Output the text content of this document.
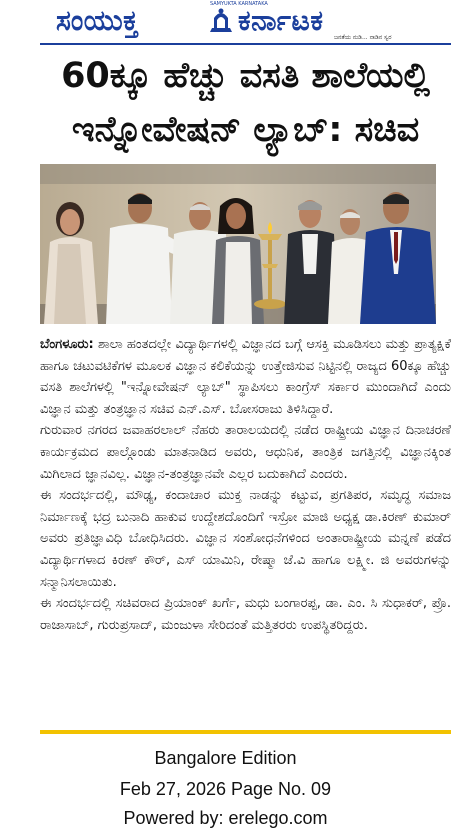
ಸಂಯುಕ್ತ	SAMYUKTA KARNATAKA
ಕರ್ನಾಟಕ
ಜನತೆಯ ನುಡಿ... ನಾಡಿನ ಸ್ವರ
60ಕ್ಕೂ ಹೆಚ್ಚು ವಸತಿ ಶಾಲೆಯಲ್ಲಿ
ಇನ್ನೋವೇಷನ್ ಲ್ಯಾಬ್: ಸಚಿವ

ಬೆಂಗಳೂರು: ಶಾಲಾ ಹಂತದಲ್ಲೇ ವಿದ್ಯಾರ್ಥಿಗಳಲ್ಲಿ ವಿಜ್ಞಾನದ ಬಗ್ಗೆ ಆಸಕ್ತಿ ಮೂಡಿಸಲು ಮತ್ತು ಪ್ರಾತ್ಯಕ್ಷಿಕೆ ಹಾಗೂ ಚಟುವಟಿಕೆಗಳ ಮೂಲಕ ವಿಜ್ಞಾನ ಕಲಿಕೆಯನ್ನು ಉತ್ತೇಜಿಸುವ ನಿಟ್ಟಿನಲ್ಲಿ ರಾಜ್ಯದ 60ಕ್ಕೂ ಹೆಚ್ಚು ವಸತಿ ಶಾಲೆಗಳಲ್ಲಿ "ಇನ್ನೋವೇಷನ್ ಲ್ಯಾಬ್" ಸ್ಥಾಪಿಸಲು ಕಾಂಗ್ರೆಸ್ ಸರ್ಕಾರ ಮುಂದಾಗಿದೆ ಎಂದು ವಿಜ್ಞಾನ ಮತ್ತು ತಂತ್ರಜ್ಞಾನ ಸಚಿವ ಎನ್.ಎಸ್. ಬೋಸರಾಜು ತಿಳಿಸಿದ್ದಾರೆ.

ಗುರುವಾರ ನಗರದ ಜವಾಹರಲಾಲ್ ನೆಹರು ತಾರಾಲಯದಲ್ಲಿ ನಡೆದ ರಾಷ್ಟ್ರೀಯ ವಿಜ್ಞಾನ ದಿನಾಚರಣೆ ಕಾರ್ಯಕ್ರಮದ ಪಾಲ್ಗೊಂಡು ಮಾತನಾಡಿದ ಅವರು, ಆಧುನಿಕ, ತಾಂತ್ರಿಕ ಜಗತ್ತಿನಲ್ಲಿ ವಿಜ್ಞಾನಕ್ಕಿಂತ ಮಿಗಿಲಾದ ಜ್ಞಾನವಿಲ್ಲ. ವಿಜ್ಞಾನ-ತಂತ್ರಜ್ಞಾನವೇ ಎಲ್ಲರ ಬದುಕಾಗಿದೆ ಎಂದರು.

ಈ ಸಂದರ್ಭದಲ್ಲಿ, ಮೌಢ್ಯ, ಕಂದಾಚಾರ ಮುಕ್ತ ನಾಡನ್ನು ಕಟ್ಟುವ, ಪ್ರಗತಿಪರ, ಸಮೃದ್ಧ ಸಮಾಜ ನಿರ್ಮಾಣಕ್ಕೆ ಭದ್ರ ಬುನಾದಿ ಹಾಕುವ ಉದ್ದೇಶದೊಂದಿಗೆ ಇಸ್ರೋ ಮಾಜಿ ಅಧ್ಯಕ್ಷ ಡಾ.ಕಿರಣ್ ಕುಮಾರ್ ಅವರು ಪ್ರತಿಜ್ಞಾವಿಧಿ ಬೋಧಿಸಿದರು. ವಿಜ್ಞಾನ ಸಂಶೋಧನೆಗಳಿಂದ ಅಂತಾರಾಷ್ಟ್ರೀಯ ಮನ್ನಣೆ ಪಡೆದ ವಿದ್ಯಾರ್ಥಿಗಳಾದ ಕಿರಣ್ ಕೌರ್, ಎಸ್ ಯಾಮಿನಿ, ರೇಷ್ಮಾ ಜೆ.ವಿ ಹಾಗೂ ಲಕ್ಷ್ಮೀ. ಜಿ ಅವರುಗಳನ್ನು ಸನ್ಮಾನಿಸಲಾಯಿತು.

ಈ ಸಂದರ್ಭದಲ್ಲಿ ಸಚಿವರಾದ ಪ್ರಿಯಾಂಕ್ ಖರ್ಗೆ, ಮಧು ಬಂಗಾರಪ್ಪ, ಡಾ. ಎಂ. ಸಿ ಸುಧಾಕರ್, ಪ್ರೊ. ರಾಜಾಸಾಬ್, ಗುರುಪ್ರಸಾದ್, ಮಂಜುಳಾ ಸೇರಿದಂತೆ ಮತ್ತಿತರರು ಉಪಸ್ಥಿತರಿದ್ದರು.

Bangalore Edition
Feb 27, 2026 Page No. 09
Powered by: erelego.com
